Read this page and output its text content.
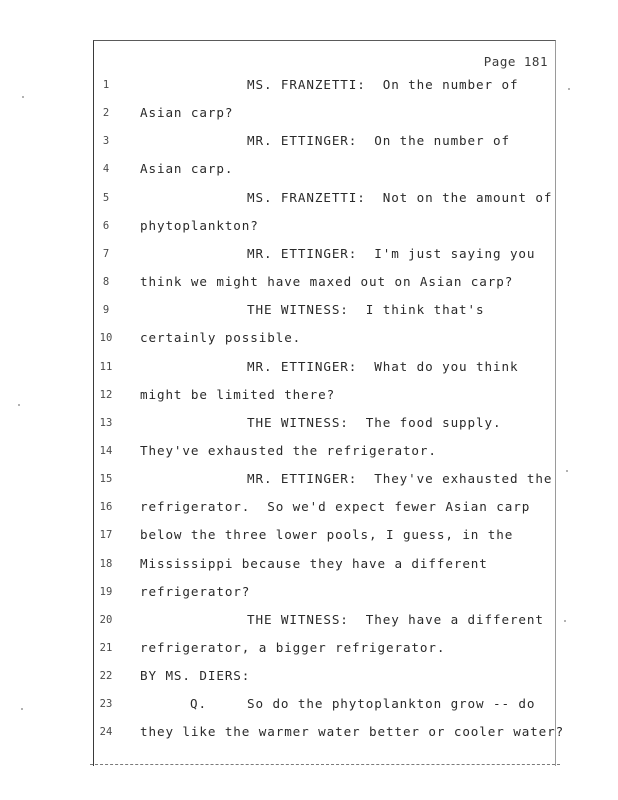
Page 181
1	MS. FRANZETTI:  On the number of
2	Asian carp?
3	MR. ETTINGER:  On the number of
4	Asian carp.
5	MS. FRANZETTI:  Not on the amount of
6	phytoplankton?
7	MR. ETTINGER:  I'm just saying you
8	think we might have maxed out on Asian carp?
9	THE WITNESS:  I think that's
10	certainly possible.
11	MR. ETTINGER:  What do you think
12	might be limited there?
13	THE WITNESS:  The food supply.
14	They've exhausted the refrigerator.
15	MR. ETTINGER:  They've exhausted the
16	refrigerator.  So we'd expect fewer Asian carp
17	below the three lower pools, I guess, in the
18	Mississippi because they have a different
19	refrigerator?
20	THE WITNESS:  They have a different
21	refrigerator, a bigger refrigerator.
22	BY MS. DIERS:
23	Q.	So do the phytoplankton grow -- do
24	they like the warmer water better or cooler water?
